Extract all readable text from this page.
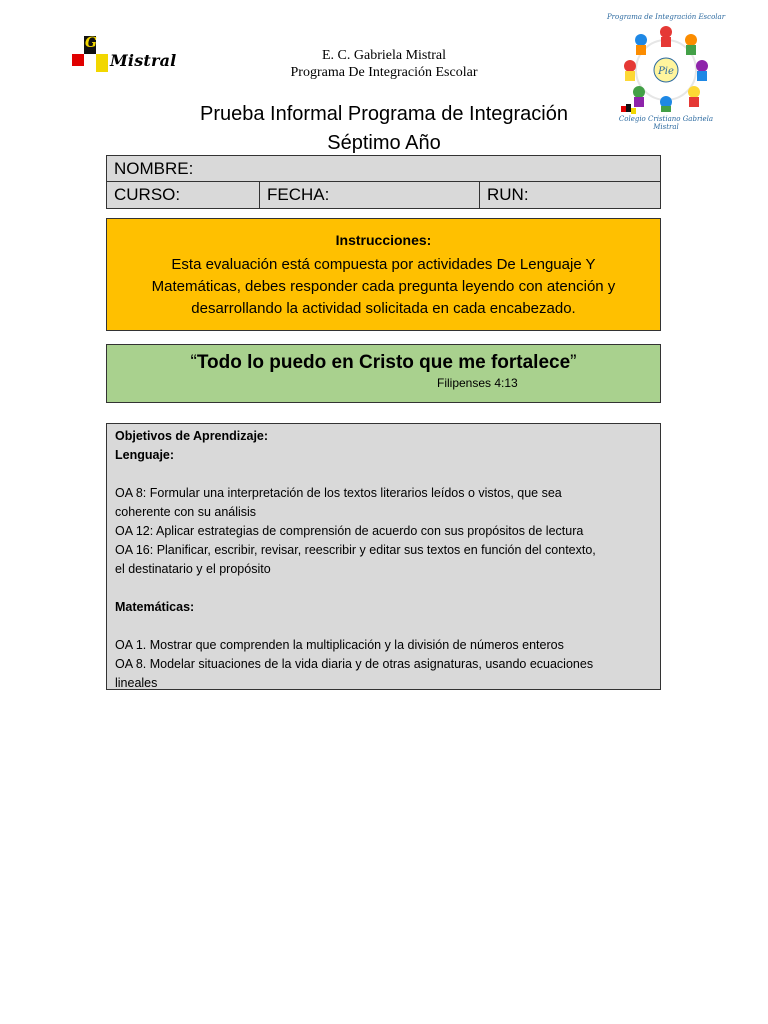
G
Mistral	E. C. Gabriela Mistral
Programa De Integración Escolar
Programa de Integración Escolar
Pie
Colegio Cristiano Gabriela Mistral
Prueba Informal Programa de Integración
Séptimo Año
NOMBRE:
CURSO:	FECHA:	RUN:
Instrucciones:
Esta evaluación está compuesta por actividades De Lenguaje Y Matemáticas, debes responder cada pregunta leyendo con atención y desarrollando la actividad solicitada en cada encabezado.
“Todo lo puedo en Cristo que me fortalece”
Filipenses 4:13
Objetivos de Aprendizaje:
Lenguaje:
OA 8: Formular una interpretación de los textos literarios leídos o vistos, que sea
coherente con su análisis
OA 12: Aplicar estrategias de comprensión de acuerdo con sus propósitos de lectura
OA 16: Planificar, escribir, revisar, reescribir y editar sus textos en función del contexto,
el destinatario y el propósito
Matemáticas:
OA 1. Mostrar que comprenden la multiplicación y la división de números enteros
OA 8. Modelar situaciones de la vida diaria y de otras asignaturas, usando ecuaciones
lineales
